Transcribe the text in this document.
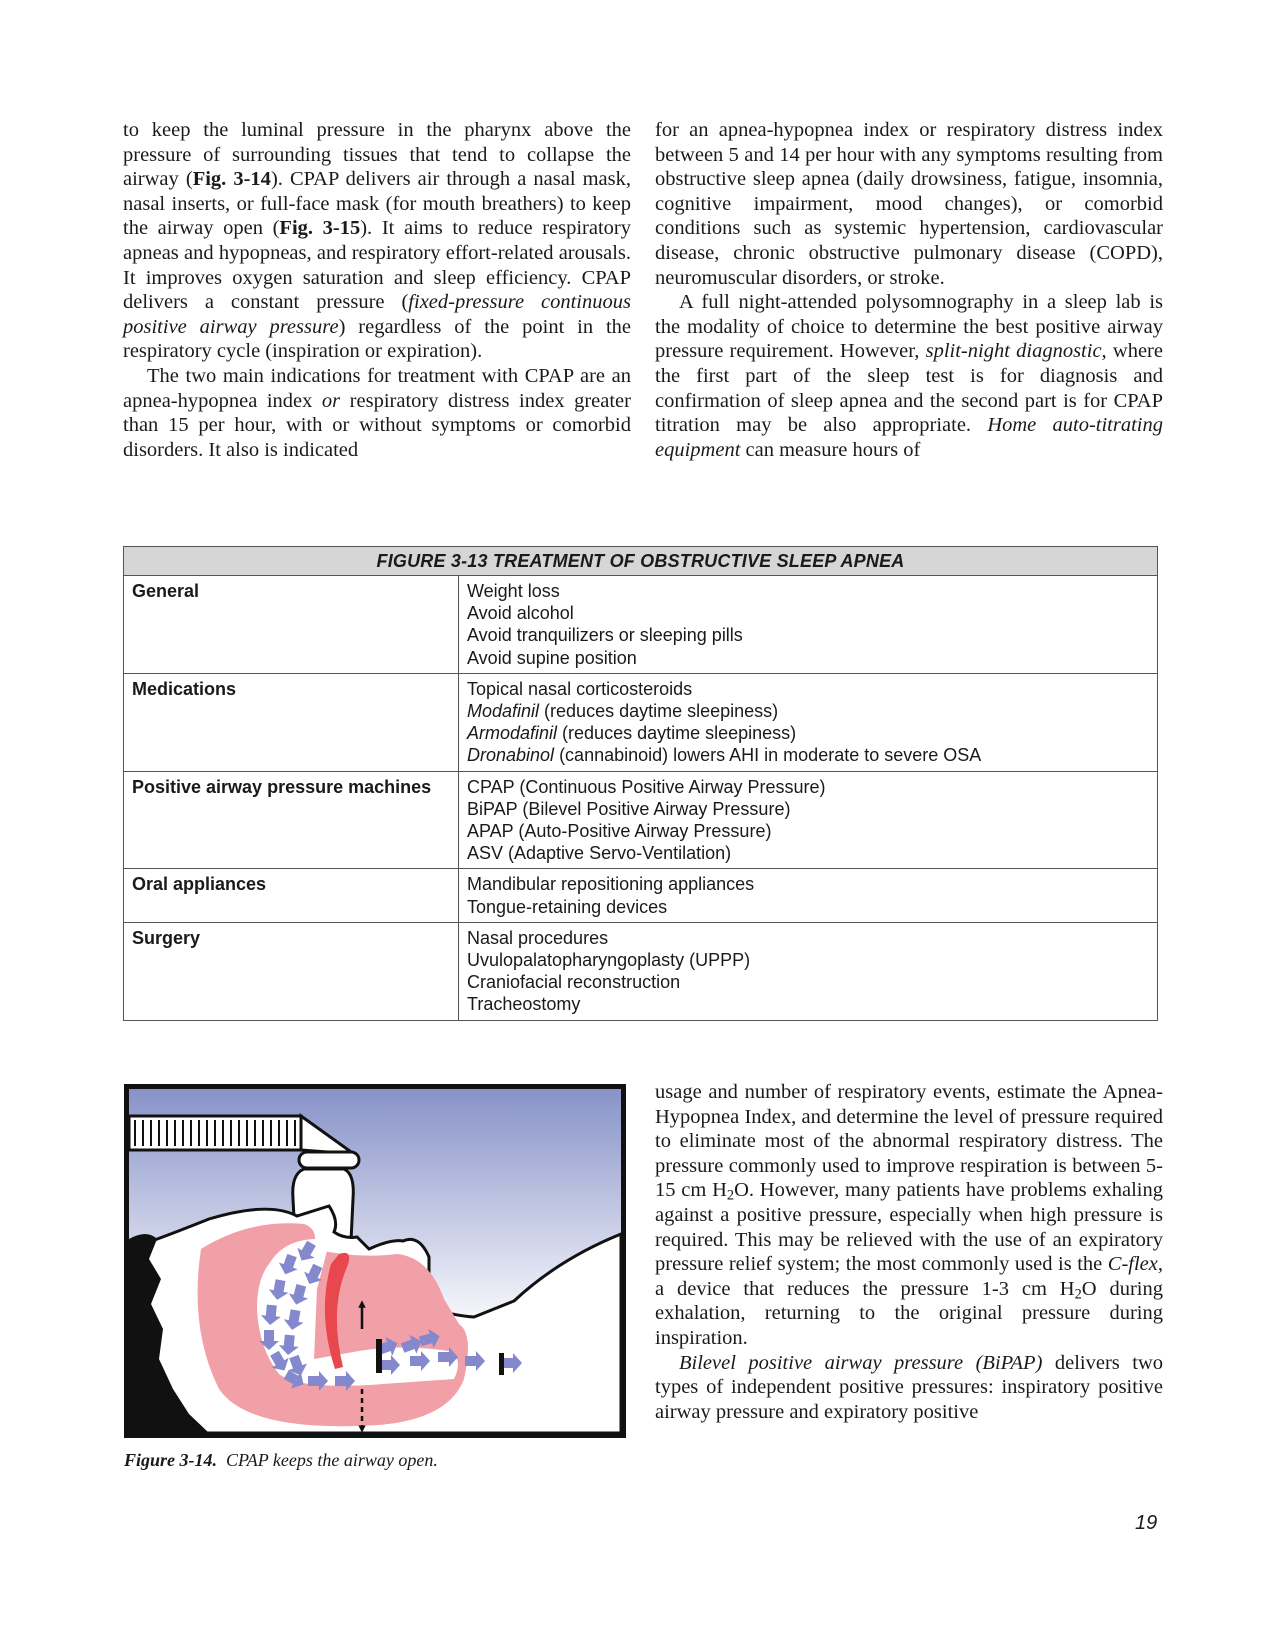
to keep the luminal pressure in the pharynx above the pressure of surrounding tissues that tend to collapse the airway (Fig. 3-14). CPAP delivers air through a nasal mask, nasal inserts, or full-face mask (for mouth breathers) to keep the airway open (Fig. 3-15). It aims to reduce respiratory apneas and hypopneas, and respiratory effort-related arousals. It improves oxygen saturation and sleep efficiency. CPAP delivers a constant pressure (fixed-pressure continuous positive airway pressure) regardless of the point in the respiratory cycle (inspiration or expiration).

The two main indications for treatment with CPAP are an apnea-hypopnea index or respiratory distress index greater than 15 per hour, with or without symptoms or comorbid disorders. It also is indicated

for an apnea-hypopnea index or respiratory distress index between 5 and 14 per hour with any symptoms resulting from obstructive sleep apnea (daily drowsiness, fatigue, insomnia, cognitive impairment, mood changes), or comorbid conditions such as systemic hypertension, cardiovascular disease, chronic obstructive pulmonary disease (COPD), neuromuscular disorders, or stroke.

A full night-attended polysomnography in a sleep lab is the modality of choice to determine the best positive airway pressure requirement. However, split-night diagnostic, where the first part of the sleep test is for diagnosis and confirmation of sleep apnea and the second part is for CPAP titration may be also appropriate. Home auto-titrating equipment can measure hours of

FIGURE 3-13 TREATMENT OF OBSTRUCTIVE SLEEP APNEA	
General	Weight loss
Avoid alcohol
Avoid tranquilizers or sleeping pills
Avoid supine position

Medications	Topical nasal corticosteroids
Modafinil (reduces daytime sleepiness)
Armodafinil (reduces daytime sleepiness)
Dronabinol (cannabinoid) lowers AHI in moderate to severe OSA

Positive airway pressure machines	CPAP (Continuous Positive Airway Pressure)
BiPAP (Bilevel Positive Airway Pressure)
APAP (Auto-Positive Airway Pressure)
ASV (Adaptive Servo-Ventilation)

Oral appliances	Mandibular repositioning appliances
Tongue-retaining devices

Surgery	Nasal procedures
Uvulopalatopharyngoplasty (UPPP)
Craniofacial reconstruction
Tracheostomy
Figure 3-14. CPAP keeps the airway open.

usage and number of respiratory events, estimate the Apnea-Hypopnea Index, and determine the level of pressure required to eliminate most of the abnormal respiratory distress. The pressure commonly used to improve respiration is between 5-15 cm $H_2O$. However, many patients have problems exhaling against a positive pressure, especially when high pressure is required. This may be relieved with the use of an expiratory pressure relief system; the most commonly used is the C-flex, a device that reduces the pressure 1-3 cm $H_2O$ during exhalation, returning to the original pressure during inspiration.

Bilevel positive airway pressure (BiPAP) delivers two types of independent positive pressures: inspiratory positive airway pressure and expiratory positive

19
